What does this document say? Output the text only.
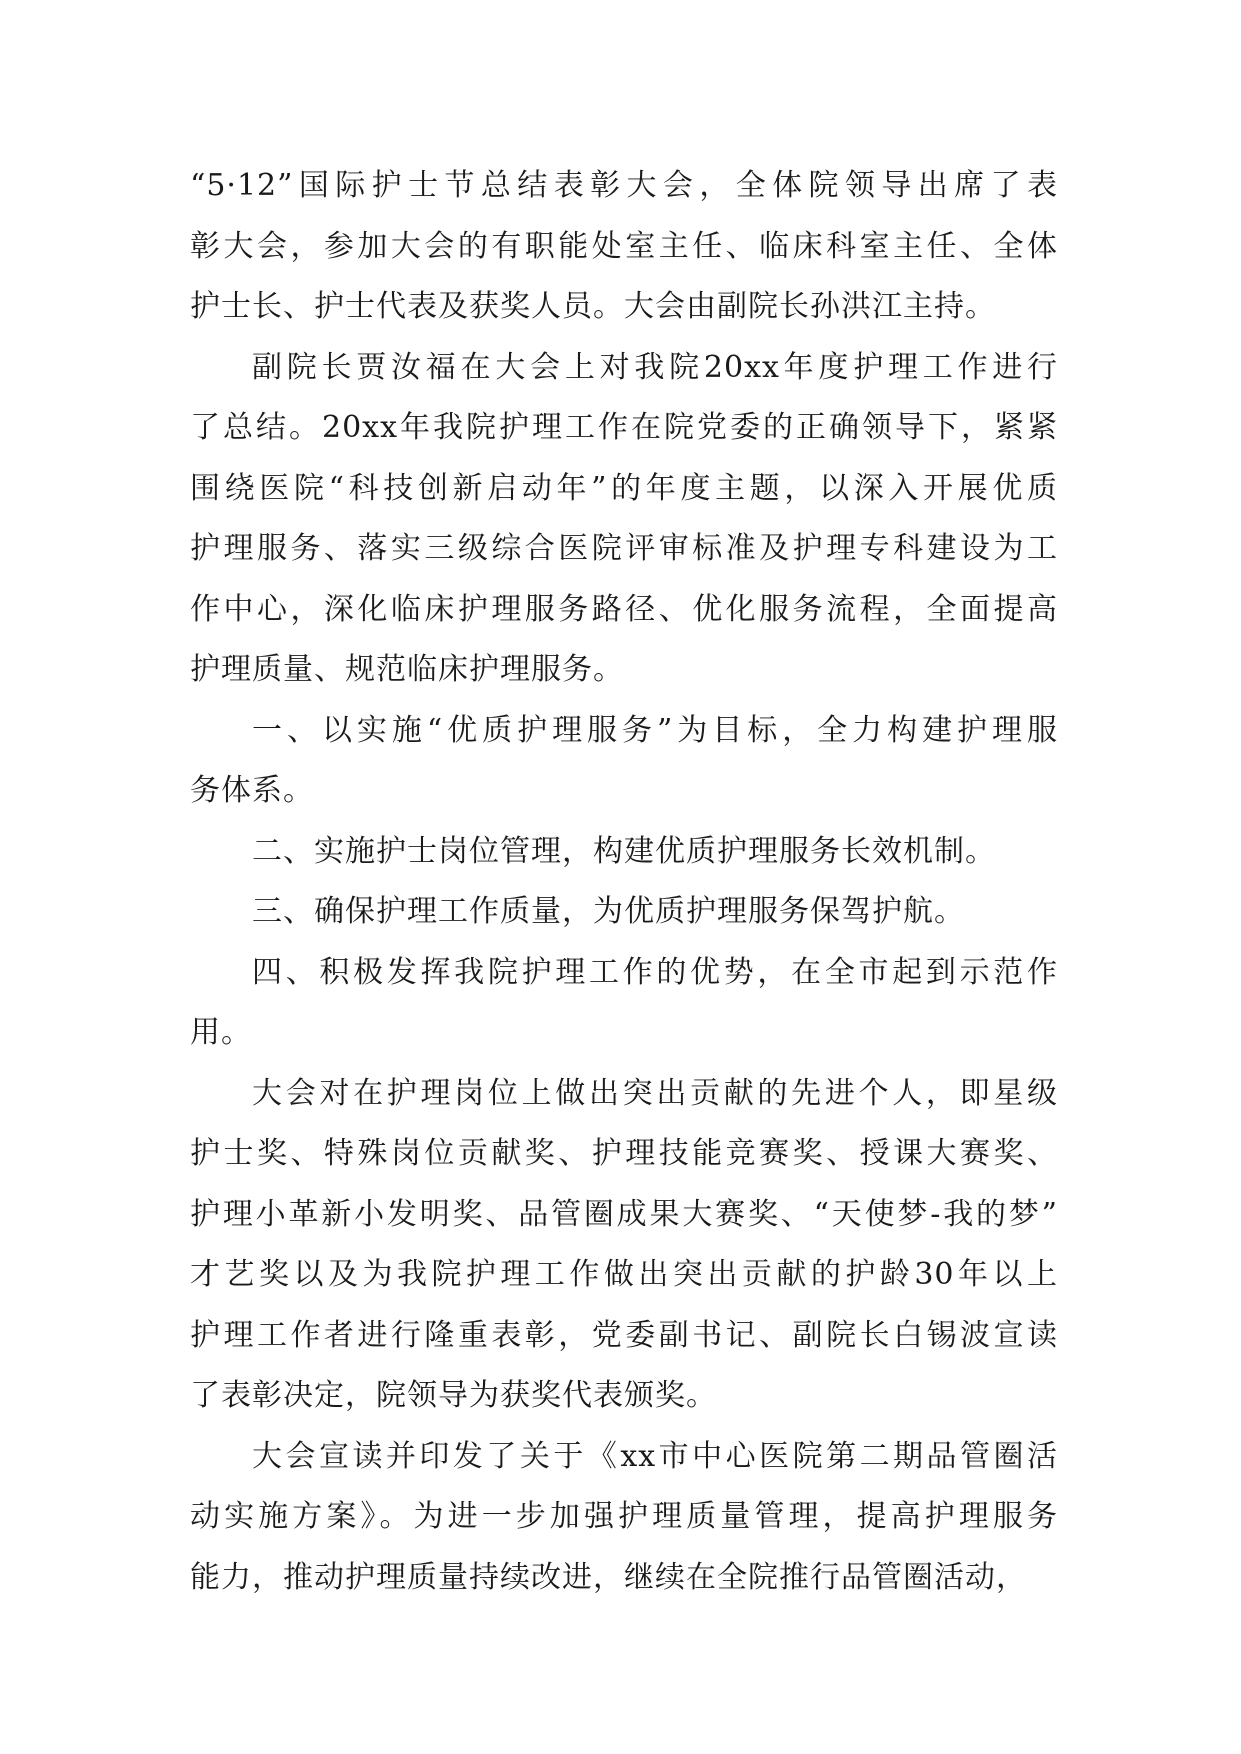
“5·12”国际护士节总结表彰大会，全体院领导出席了表
彰大会，参加大会的有职能处室主任、临床科室主任、全体
护士长、护士代表及获奖人员。大会由副院长孙洪江主持。
副院长贾汝福在大会上对我院20xx年度护理工作进行
了总结。20xx年我院护理工作在院党委的正确领导下，紧紧
围绕医院“科技创新启动年”的年度主题，以深入开展优质
护理服务、落实三级综合医院评审标准及护理专科建设为工
作中心，深化临床护理服务路径、优化服务流程，全面提高
护理质量、规范临床护理服务。
一、以实施“优质护理服务”为目标，全力构建护理服
务体系。
二、实施护士岗位管理，构建优质护理服务长效机制。
三、确保护理工作质量，为优质护理服务保驾护航。
四、积极发挥我院护理工作的优势，在全市起到示范作
用。
大会对在护理岗位上做出突出贡献的先进个人，即星级
护士奖、特殊岗位贡献奖、护理技能竞赛奖、授课大赛奖、
护理小革新小发明奖、品管圈成果大赛奖、“天使梦-我的梦”
才艺奖以及为我院护理工作做出突出贡献的护龄30年以上
护理工作者进行隆重表彰，党委副书记、副院长白锡波宣读
了表彰决定，院领导为获奖代表颁奖。
大会宣读并印发了关于《xx市中心医院第二期品管圈活
动实施方案》。为进一步加强护理质量管理，提高护理服务
能力，推动护理质量持续改进，继续在全院推行品管圈活动，
